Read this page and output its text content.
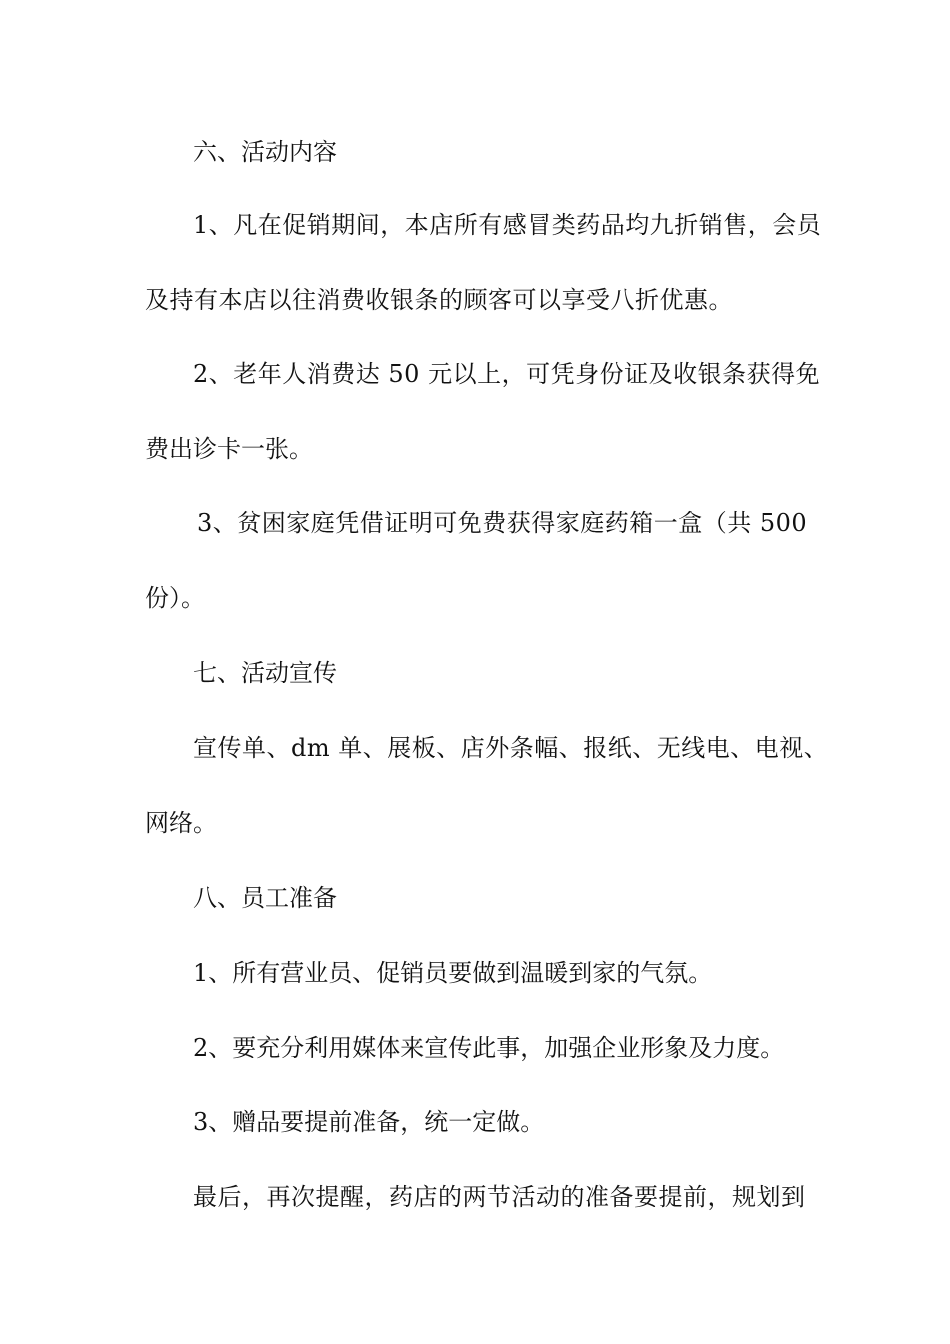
六、活动内容
1、凡在促销期间，本店所有感冒类药品均九折销售，会员
及持有本店以往消费收银条的顾客可以享受八折优惠。
2、老年人消费达 50 元以上，可凭身份证及收银条获得免
费出诊卡一张。
3、贫困家庭凭借证明可免费获得家庭药箱一盒（共 500
份）。
七、活动宣传
宣传单、dm 单、展板、店外条幅、报纸、无线电、电视、
网络。
八、员工准备
1、所有营业员、促销员要做到温暖到家的气氛。
2、要充分利用媒体来宣传此事，加强企业形象及力度。
3、赠品要提前准备，统一定做。
最后，再次提醒，药店的两节活动的准备要提前，规划到
